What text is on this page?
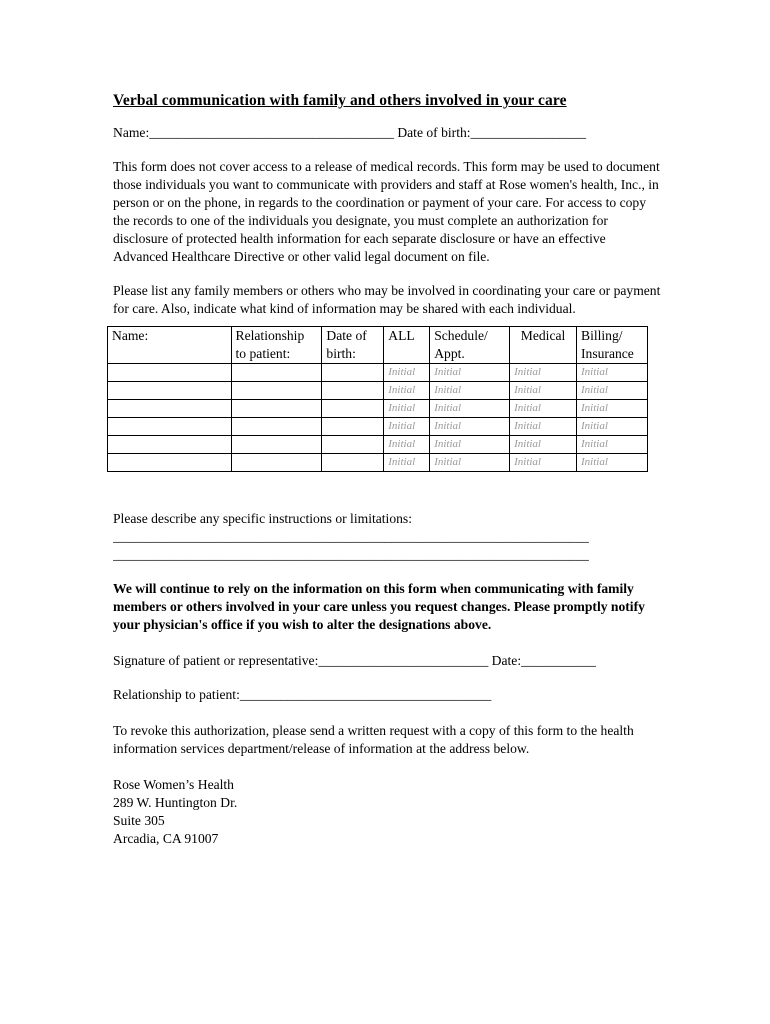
Verbal communication with family and others involved in your care

Name:____________________________________ Date of birth:_________________

This form does not cover access to a release of medical records. This form may be used to document those individuals you want to communicate with providers and staff at Rose women's health, Inc., in person or on the phone, in regards to the coordination or payment of your care. For access to copy the records to one of the individuals you designate, you must complete an authorization for disclosure of protected health information for each separate disclosure or have an effective Advanced Healthcare Directive or other valid legal document on file.

Please list any family members or others who may be involved in coordinating your care or payment for care. Also, indicate what kind of information may be shared with each individual.

Name:	Relationship to patient:	Date of birth:	ALL	Schedule/ Appt.	Medical	Billing/ Insurance
			Initial	Initial	Initial	Initial
			Initial	Initial	Initial	Initial
			Initial	Initial	Initial	Initial
			Initial	Initial	Initial	Initial
			Initial	Initial	Initial	Initial
			Initial	Initial	Initial	Initial

Please describe any specific instructions or limitations:

______________________________________________________________________

______________________________________________________________________

We will continue to rely on the information on this form when communicating with family members or others involved in your care unless you request changes. Please promptly notify your physician's office if you wish to alter the designations above.

Signature of patient or representative:_________________________ Date:___________

Relationship to patient:_____________________________________

To revoke this authorization, please send a written request with a copy of this form to the health information services department/release of information at the address below.

Rose Women’s Health

289 W. Huntington Dr.

Suite 305

Arcadia, CA 91007
